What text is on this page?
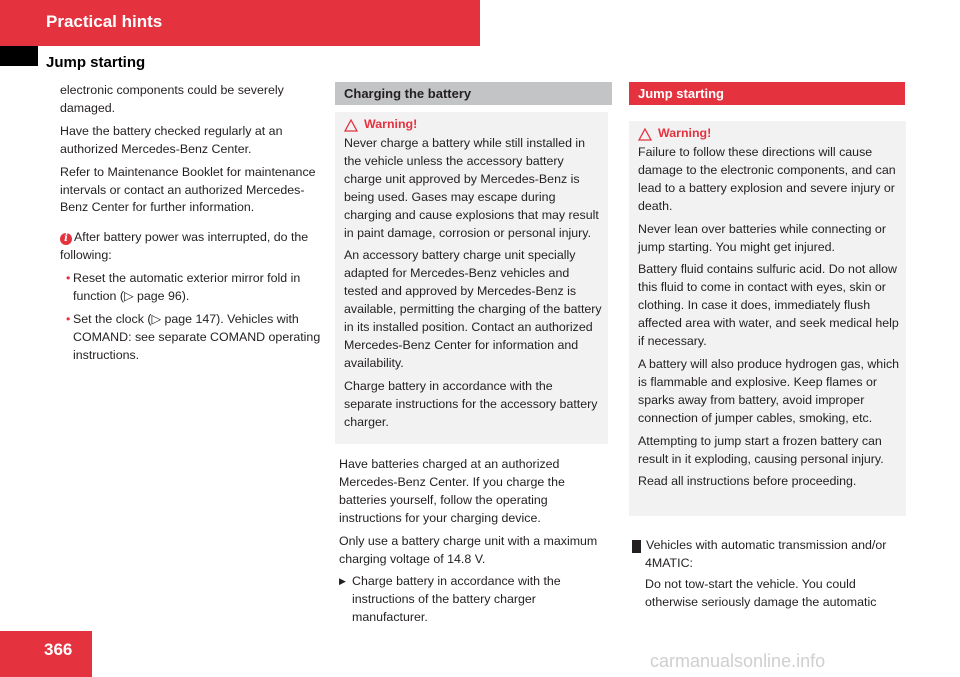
Practical hints
Jump starting

electronic components could be severely damaged.

Have the battery checked regularly at an authorized Mercedes-Benz Center.

Refer to Maintenance Booklet for maintenance intervals or contact an authorized Mercedes-Benz Center for further information.

i After battery power was interrupted, do the following:

• Reset the automatic exterior mirror fold in function (▷ page 96).
• Set the clock (▷ page 147). Vehicles with COMAND: see separate COMAND operating instructions.
Charging the battery
Warning!

Never charge a battery while still installed in the vehicle unless the accessory battery charge unit approved by Mercedes-Benz is being used. Gases may escape during charging and cause explosions that may result in paint damage, corrosion or personal injury.

An accessory battery charge unit specially adapted for Mercedes-Benz vehicles and tested and approved by Mercedes-Benz is available, permitting the charging of the battery in its installed position. Contact an authorized Mercedes-Benz Center for information and availability.

Charge battery in accordance with the separate instructions for the accessory battery charger.

Have batteries charged at an authorized Mercedes-Benz Center. If you charge the batteries yourself, follow the operating instructions for your charging device.

Only use a battery charge unit with a maximum charging voltage of 14.8 V.

▶ Charge battery in accordance with the instructions of the battery charger manufacturer.
Jump starting
Warning!

Failure to follow these directions will cause damage to the electronic components, and can lead to a battery explosion and severe injury or death.

Never lean over batteries while connecting or jump starting. You might get injured.

Battery fluid contains sulfuric acid. Do not allow this fluid to come in contact with eyes, skin or clothing. In case it does, immediately flush affected area with water, and seek medical help if necessary.

A battery will also produce hydrogen gas, which is flammable and explosive. Keep flames or sparks away from battery, avoid improper connection of jumper cables, smoking, etc.

Attempting to jump start a frozen battery can result in it exploding, causing personal injury.

Read all instructions before proceeding.

! Vehicles with automatic transmission and/or 4MATIC:

Do not tow-start the vehicle. You could otherwise seriously damage the automatic

366
carmanualsonline.info
